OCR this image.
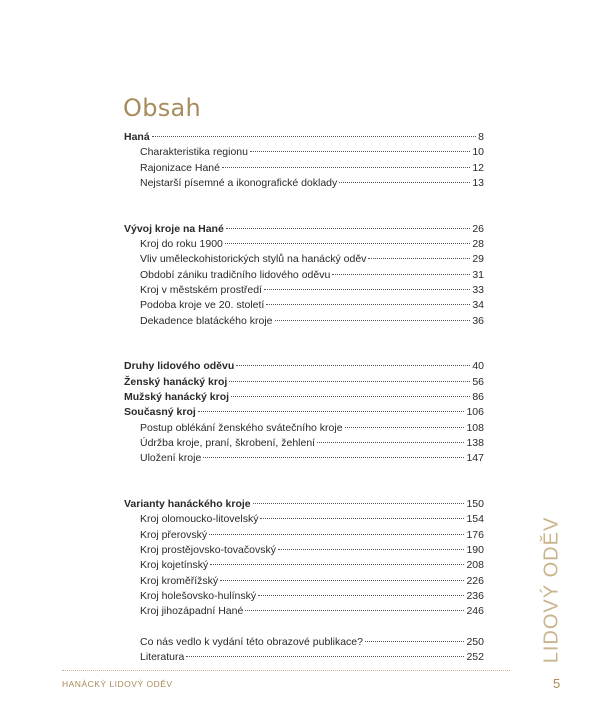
Obsah
Haná	8
Charakteristika regionu	10
Rajonizace Hané	12
Nejstarší písemné a ikonografické doklady	13
Vývoj kroje na Hané	26
Kroj do roku 1900	28
Vliv uměleckohistorických stylů na hanácký oděv	29
Období zániku tradičního lidového oděvu	31
Kroj v městském prostředí	33
Podoba kroje ve 20. století	34
Dekadence blatáckého kroje	36
Druhy lidového oděvu	40
Ženský hanácký kroj	56
Mužský hanácký kroj	86
Současný kroj	106
Postup oblékání ženského svátečního kroje	108
Údržba kroje, praní, škrobení, žehlení	138
Uložení kroje	147
Varianty hanáckého kroje	150
Kroj olomoucko-litovelský	154
Kroj přerovský	176
Kroj prostějovsko-tovačovský	190
Kroj kojetínský	208
Kroj kroměřížský	226
Kroj holešovsko-hulínský	236
Kroj jihozápadní Hané	246
Co nás vedlo k vydání této obrazové publikace?	250
Literatura	252	LIDOVÝ ODĚV
HANÁCKÝ LIDOVÝ ODĚV	5
